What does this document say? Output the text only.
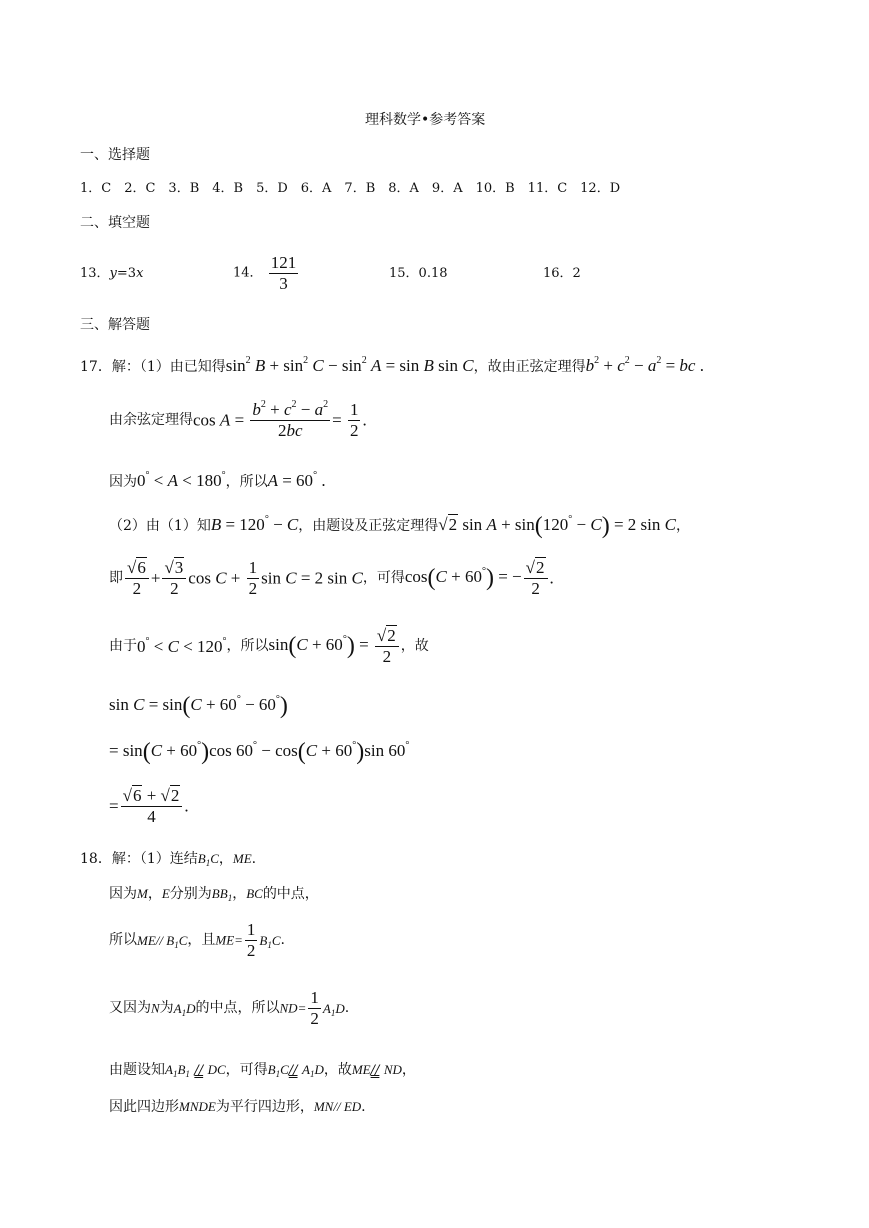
理科数学•参考答案
一、选择题
1．C　2．C　3．B　4．B　5．D　6．A　7．B　8．A　9．A　10．B　11．C　12．D
二、填空题
13．y=3x	14． $\frac{121}{3}$	15．0.18	16．2
三、解答题
17．解：（1）由已知得$\sin^2 B + \sin^2 C - \sin^2 A = \sin B$ sin C，故由正弦定理得$b^2 + c^2 - a^2$ = bc .
由余弦定理得$\cos A = \frac{b^2 + c^2 - a^2}{2bc} = \frac{1}{2}$ .
因为0° < A < 180°，所以A = 60° .
（2）由（1）知B = 120° − C，由题设及正弦定理得√2 sin A + sin(120° − C) = 2 sin C，
即 $\frac{√6}{2} + \frac{√3}{2}$ $\cos C + \frac{1}{2}$ sin C = 2 sin C，可得cos(C + 60°) = − $\frac{√2}{2}$ .
由于0° < C < 120°，所以$\sin(C + 60^\circ) = \frac{√2}{2}$ ，故
sin C = sin(C + 60° − 60°)
= sin(C + 60°)cos 60° − cos(C + 60°)sin 60°
= $\frac{√6 + √2}{4}$ .
18．解：（1）连结$B_1C$，ME.
因为M，E分别为$BB_1$，BC的中点，
所以ME// $B_1C$，且$ME= \frac{1}{2} B_1C$.
又因为N为$A_1D$的中点，所以$ND= \frac{1}{2} A_1D$.
由题设知$A_1B_1$ // DC，可得$B_1C//$ $A_1D$，故ME// ND，
因此四边形MNDE为平行四边形，MN// ED.
